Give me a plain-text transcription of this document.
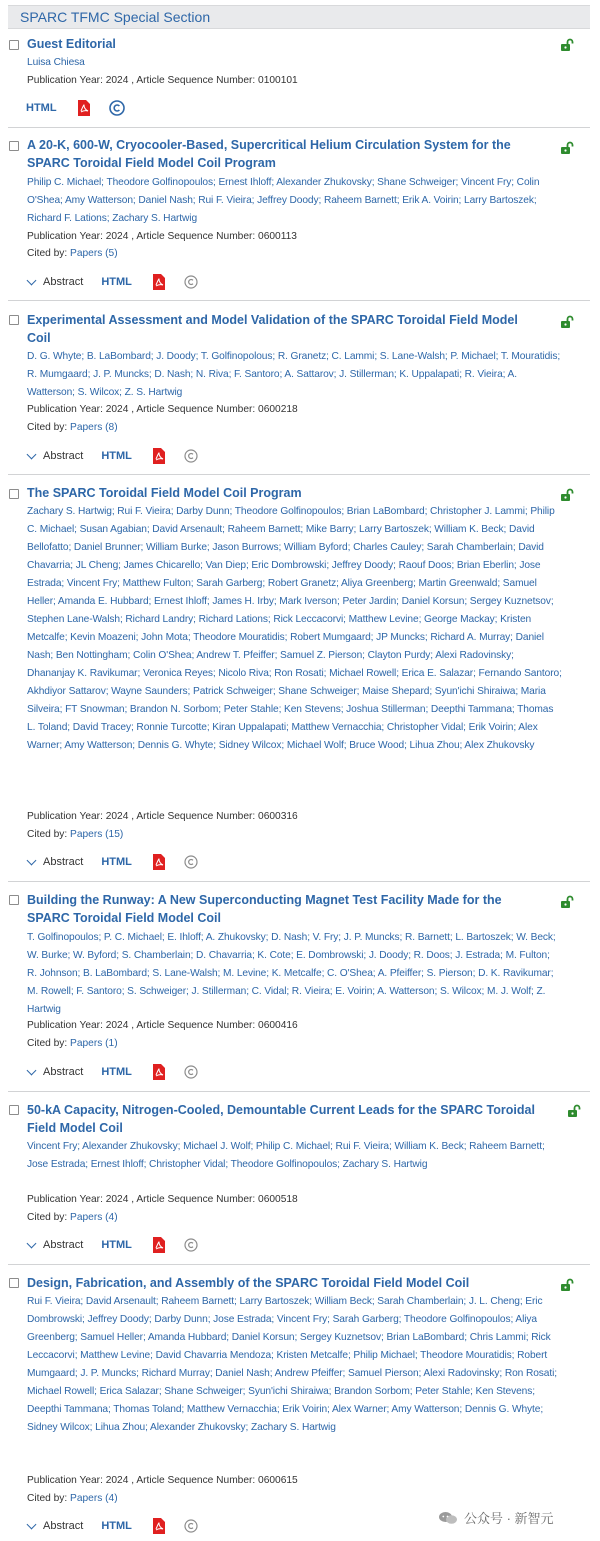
SPARC TFMC Special Section
Guest Editorial
Luisa Chiesa
Publication Year: 2024 , Article Sequence Number: 0100101
HTML
A 20-K, 600-W, Cryocooler-Based, Supercritical Helium Circulation System for the SPARC Toroidal Field Model Coil Program
Philip C. Michael; Theodore Golfinopoulos; Ernest Ihloff; Alexander Zhukovsky; Shane Schweiger; Vincent Fry; Colin O'Shea; Amy Watterson; Daniel Nash; Rui F. Vieira; Jeffrey Doody; Raheem Barnett; Erik A. Voirin; Larry Bartoszek; Richard F. Lations; Zachary S. Hartwig
Publication Year: 2024 , Article Sequence Number: 0600113
Cited by: Papers (5)
Abstract HTML
Experimental Assessment and Model Validation of the SPARC Toroidal Field Model Coil
D. G. Whyte; B. LaBombard; J. Doody; T. Golfinopolous; R. Granetz; C. Lammi; S. Lane-Walsh; P. Michael; T. Mouratidis; R. Mumgaard; J. P. Muncks; D. Nash; N. Riva; F. Santoro; A. Sattarov; J. Stillerman; K. Uppalapati; R. Vieira; A. Watterson; S. Wilcox; Z. S. Hartwig
Publication Year: 2024 , Article Sequence Number: 0600218
Cited by: Papers (8)
Abstract HTML
The SPARC Toroidal Field Model Coil Program
Zachary S. Hartwig; Rui F. Vieira; Darby Dunn; Theodore Golfinopoulos; Brian LaBombard; Christopher J. Lammi; Philip C. Michael; Susan Agabian; David Arsenault; Raheem Barnett; Mike Barry; Larry Bartoszek; William K. Beck; David Bellofatto; Daniel Brunner; William Burke; Jason Burrows; William Byford; Charles Cauley; Sarah Chamberlain; David Chavarria; JL Cheng; James Chicarello; Van Diep; Eric Dombrowski; Jeffrey Doody; Raouf Doos; Brian Eberlin; Jose Estrada; Vincent Fry; Matthew Fulton; Sarah Garberg; Robert Granetz; Aliya Greenberg; Martin Greenwald; Samuel Heller; Amanda E. Hubbard; Ernest Ihloff; James H. Irby; Mark Iverson; Peter Jardin; Daniel Korsun; Sergey Kuznetsov; Stephen Lane-Walsh; Richard Landry; Richard Lations; Rick Leccacorvi; Matthew Levine; George Mackay; Kristen Metcalfe; Kevin Moazeni; John Mota; Theodore Mouratidis; Robert Mumgaard; JP Muncks; Richard A. Murray; Daniel Nash; Ben Nottingham; Colin O'Shea; Andrew T. Pfeiffer; Samuel Z. Pierson; Clayton Purdy; Alexi Radovinsky; Dhananjay K. Ravikumar; Veronica Reyes; Nicolo Riva; Ron Rosati; Michael Rowell; Erica E. Salazar; Fernando Santoro; Akhdiyor Sattarov; Wayne Saunders; Patrick Schweiger; Shane Schweiger; Maise Shepard; Syun'ichi Shiraiwa; Maria Silveira; FT Snowman; Brandon N. Sorbom; Peter Stahle; Ken Stevens; Joshua Stillerman; Deepthi Tammana; Thomas L. Toland; David Tracey; Ronnie Turcotte; Kiran Uppalapati; Matthew Vernacchia; Christopher Vidal; Erik Voirin; Alex Warner; Amy Watterson; Dennis G. Whyte; Sidney Wilcox; Michael Wolf; Bruce Wood; Lihua Zhou; Alex Zhukovsky
Publication Year: 2024 , Article Sequence Number: 0600316
Cited by: Papers (15)
Abstract HTML
Building the Runway: A New Superconducting Magnet Test Facility Made for the SPARC Toroidal Field Model Coil
T. Golfinopoulos; P. C. Michael; E. Ihloff; A. Zhukovsky; D. Nash; V. Fry; J. P. Muncks; R. Barnett; L. Bartoszek; W. Beck; W. Burke; W. Byford; S. Chamberlain; D. Chavarria; K. Cote; E. Dombrowski; J. Doody; R. Doos; J. Estrada; M. Fulton; R. Johnson; B. LaBombard; S. Lane-Walsh; M. Levine; K. Metcalfe; C. O'Shea; A. Pfeiffer; S. Pierson; D. K. Ravikumar; M. Rowell; F. Santoro; S. Schweiger; J. Stillerman; C. Vidal; R. Vieira; E. Voirin; A. Watterson; S. Wilcox; M. J. Wolf; Z. Hartwig
Publication Year: 2024 , Article Sequence Number: 0600416
Cited by: Papers (1)
Abstract HTML
50-kA Capacity, Nitrogen-Cooled, Demountable Current Leads for the SPARC Toroidal Field Model Coil
Vincent Fry; Alexander Zhukovsky; Michael J. Wolf; Philip C. Michael; Rui F. Vieira; William K. Beck; Raheem Barnett; Jose Estrada; Ernest Ihloff; Christopher Vidal; Theodore Golfinopoulos; Zachary S. Hartwig
Publication Year: 2024 , Article Sequence Number: 0600518
Cited by: Papers (4)
Abstract HTML
Design, Fabrication, and Assembly of the SPARC Toroidal Field Model Coil
Rui F. Vieira; David Arsenault; Raheem Barnett; Larry Bartoszek; William Beck; Sarah Chamberlain; J. L. Cheng; Eric Dombrowski; Jeffrey Doody; Darby Dunn; Jose Estrada; Vincent Fry; Sarah Garberg; Theodore Golfinopoulos; Aliya Greenberg; Samuel Heller; Amanda Hubbard; Daniel Korsun; Sergey Kuznetsov; Brian LaBombard; Chris Lammi; Rick Leccacorvi; Matthew Levine; David Chavarria Mendoza; Kristen Metcalfe; Philip Michael; Theodore Mouratidis; Robert Mumgaard; J. P. Muncks; Richard Murray; Daniel Nash; Andrew Pfeiffer; Samuel Pierson; Alexi Radovinsky; Ron Rosati; Michael Rowell; Erica Salazar; Shane Schweiger; Syun'ichi Shiraiwa; Brandon Sorbom; Peter Stahle; Ken Stevens; Deepthi Tammana; Thomas Toland; Matthew Vernacchia; Erik Voirin; Alex Warner; Amy Watterson; Dennis G. Whyte; Sidney Wilcox; Lihua Zhou; Alexander Zhukovsky; Zachary S. Hartwig
Publication Year: 2024 , Article Sequence Number: 0600615
Cited by: Papers (4)
Abstract HTML	公众号 · 新智元
